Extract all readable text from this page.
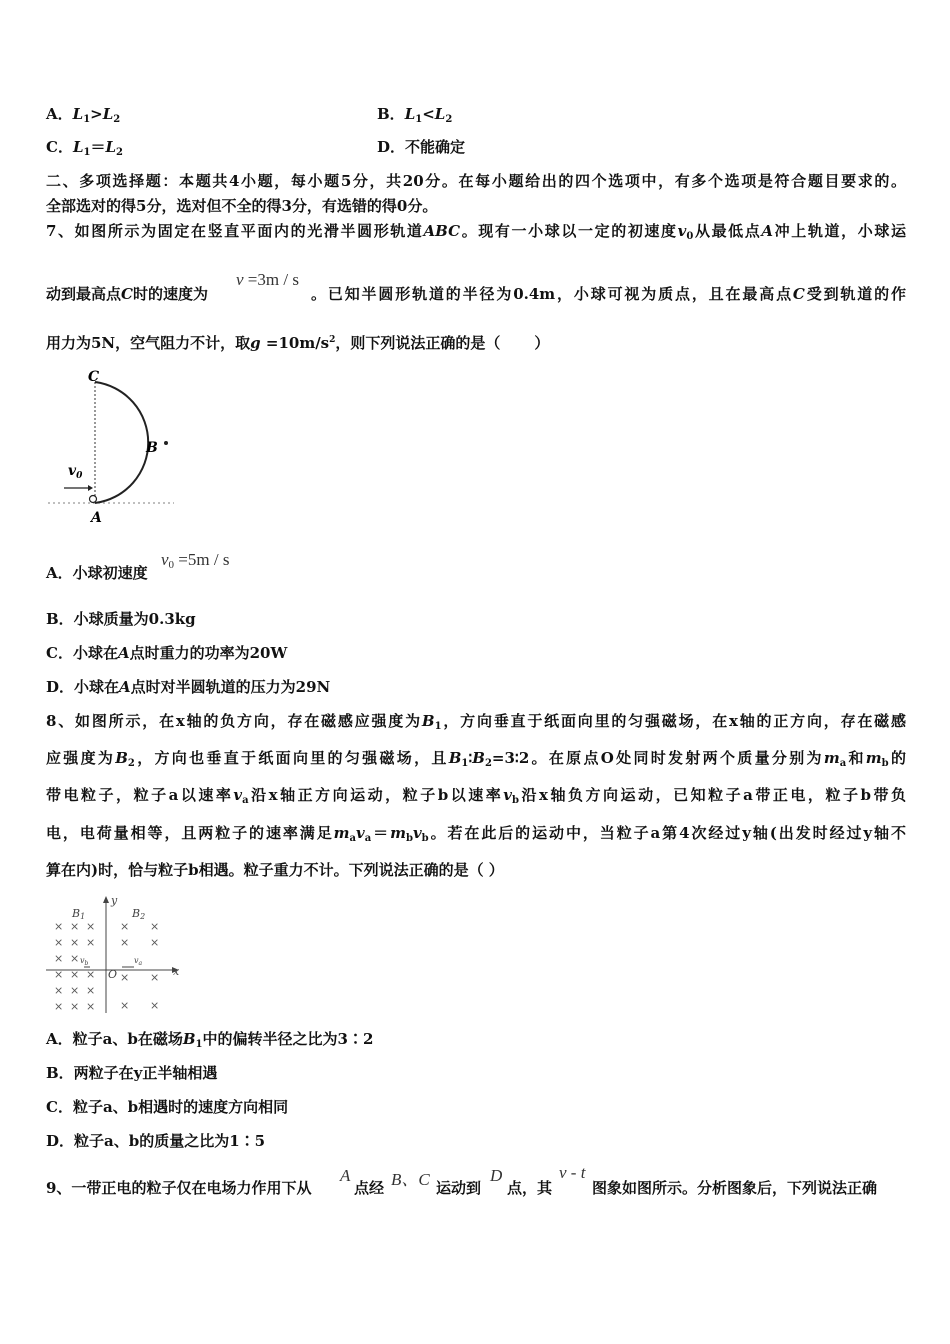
A．$L_1>L_2$	B．$L_1<L_2$
C．$L_1=L_2$	D．不能确定
二、多项选择题：本题共4小题，每小题5分，共20分。在每小题给出的四个选项中，有多个选项是符合题目要求的。
全部选对的得5分，选对但不全的得3分，有选错的得0分。
7、如图所示为固定在竖直平面内的光滑半圆形轨道ABC。现有一小球以一定的初速度$v_0$从最低点A冲上轨道，小球运
动到最高点C时的速度为
v =3m / s
。已知半圆形轨道的半径为0.4m，小球可视为质点，且在最高点C受到轨道的作
用力为5N，空气阻力不计，取$g =10m/s^2$，则下列说法正确的是（ ）
C
B
A
$v_0$
A．小球初速度
$v_0 =5m / s$
B．小球质量为0.3kg
C．小球在A点时重力的功率为20W
D．小球在A点时对半圆轨道的压力为29N
8、如图所示，在x轴的负方向，存在磁感应强度为$B_1$，方向垂直于纸面向里的匀强磁场，在x轴的正方向，存在磁感
应强度为$B_2$，方向也垂直于纸面向里的匀强磁场，且$B_1∶B_2=3∶2$。在原点O处同时发射两个质量分别为$m_a$和$m_b$的
带电粒子，粒子a以速率$v_a$沿x轴正方向运动，粒子b以速率$v_b$沿x轴负方向运动，已知粒子a带正电，粒子b带负
电，电荷量相等，且两粒子的速率满足$m_av_a=m_bv_b$。若在此后的运动中，当粒子a第4次经过y轴(出发时经过y轴不
算在内)时，恰与粒子b相遇。粒子重力不计。下列说法正确的是（ ）
y
x
O
B1	B2
$v_b$	$v_a$
×
×
×
×
×
×
×
×
×
×
×
×
×
×
×
×
×
×
×
×
×
×
×
×
×
A．粒子a、b在磁场$B_1$中的偏转半径之比为3∶2
B．两粒子在y正半轴相遇
C．粒子a、b相遇时的速度方向相同
D．粒子a、b的质量之比为1∶5
9、一带正电的粒子仅在电场力作用下从
A
点经 B、C 运动到
D
点，其
v - t
图象如图所示。分析图象后，下列说法正确
